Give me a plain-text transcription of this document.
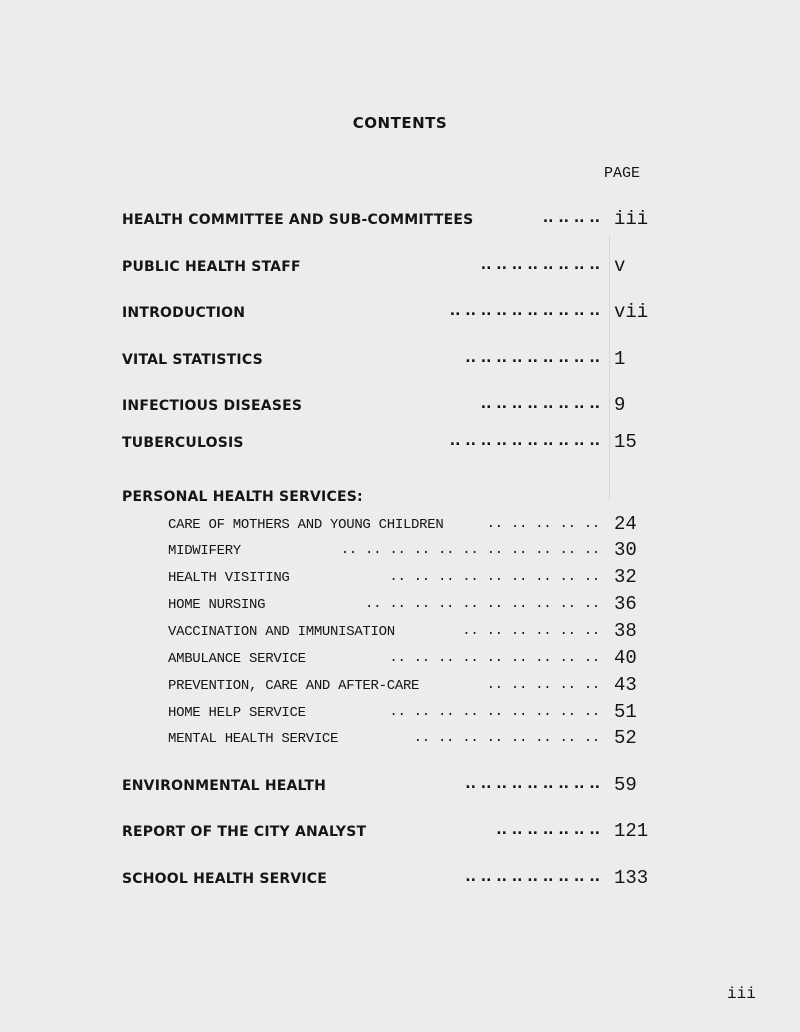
CONTENTS
PAGE
HEALTH COMMITTEE AND SUB-COMMITTEES	.. .. .. .. iii
PUBLIC HEALTH STAFF	.. .. .. .. .. .. .. .. v
INTRODUCTION	.. .. .. .. .. .. .. .. .. .. vii
VITAL STATISTICS	.. .. .. .. .. .. .. .. .. 1
INFECTIOUS DISEASES	.. .. .. .. .. .. .. .. 9
TUBERCULOSIS	.. .. .. .. .. .. .. .. .. .. 15
PERSONAL HEALTH SERVICES:
CARE OF MOTHERS AND YOUNG CHILDREN	.. .. .. .. .. 24
MIDWIFERY	.. .. .. .. .. .. .. .. .. .. .. 30
HEALTH VISITING	.. .. .. .. .. .. .. .. .. 32
HOME NURSING	.. .. .. .. .. .. .. .. .. .. 36
VACCINATION AND IMMUNISATION	.. .. .. .. .. .. 38
AMBULANCE SERVICE	.. .. .. .. .. .. .. .. .. 40
PREVENTION, CARE AND AFTER-CARE	.. .. .. .. .. 43
HOME HELP SERVICE	.. .. .. .. .. .. .. .. .. 51
MENTAL HEALTH SERVICE	.. .. .. .. .. .. .. .. 52
ENVIRONMENTAL HEALTH	.. .. .. .. .. .. .. .. .. 59
REPORT OF THE CITY ANALYST	.. .. .. .. .. .. .. 121
SCHOOL HEALTH SERVICE	.. .. .. .. .. .. .. .. .. 133
iii
